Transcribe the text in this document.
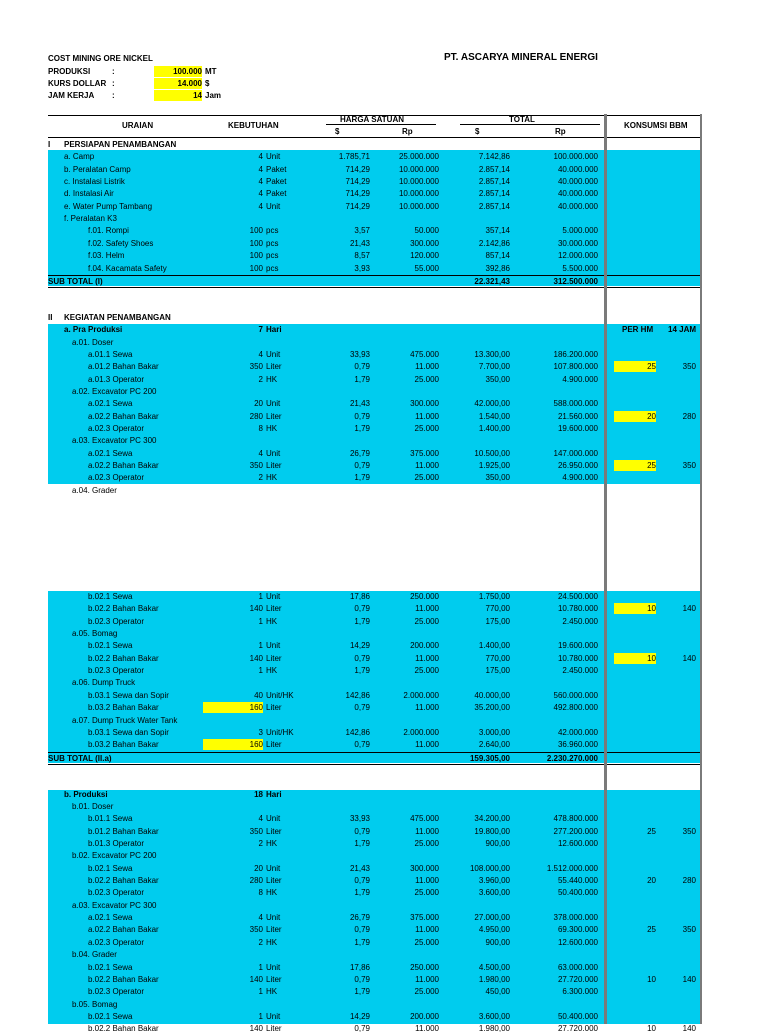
COST MINING ORE NICKEL	PT. ASCARYA MINERAL ENERGI
PRODUKSI	:	100.000 MT
KURS DOLLAR :	14.000 $
JAM KERJA :	14 Jam
URAIAN	KEBUTUHAN
HARGA SATUAN
$	Rp
TOTAL
$	Rp
KONSUMSI BBM
I PERSIAPAN PENAMBANGAN
a. Camp	4 Unit	1.785,71	25.000.000	7.142,86	100.000.000
b. Peralatan Camp	4 Paket	714,29	10.000.000	2.857,14	40.000.000
c. Instalasi Listrik	4 Paket	714,29	10.000.000	2.857,14	40.000.000
d. Instalasi Air	4 Paket	714,29	10.000.000	2.857,14	40.000.000
e. Water Pump Tambang	4 Unit	714,29	10.000.000	2.857,14	40.000.000
f. Peralatan K3
f.01. Rompi	100 pcs	3,57	50.000	357,14	5.000.000
f.02. Safety Shoes	100 pcs	21,43	300.000	2.142,86	30.000.000
f.03. Helm	100 pcs	8,57	120.000	857,14	12.000.000
f.04. Kacamata Safety	100 pcs	3,93	55.000	392,86	5.500.000
SUB TOTAL (I)	22.321,43	312.500.000
II KEGIATAN PENAMBANGAN
a. Pra Produksi	7 Hari	PER HM 14 JAM
a.01. Doser
a.01.1 Sewa	4 Unit	33,93	475.000	13.300,00	186.200.000
a.01.2 Bahan Bakar	350 Liter	0,79	11.000	7.700,00	107.800.000	25	350
a.01.3 Operator	2 HK	1,79	25.000	350,00	4.900.000
a.02. Excavator PC 200
a.02.1 Sewa	20 Unit	21,43	300.000	42.000,00	588.000.000
a.02.2 Bahan Bakar	280 Liter	0,79	11.000	1.540,00	21.560.000	20	280
a.02.3 Operator	8 HK	1,79	25.000	1.400,00	19.600.000
a.03. Excavator PC 300
a.02.1 Sewa	4 Unit	26,79	375.000	10.500,00	147.000.000
a.02.2 Bahan Bakar	350 Liter	0,79	11.000	1.925,00	26.950.000	25	350
a.02.3 Operator	2 HK	1,79	25.000	350,00	4.900.000
a.04. Grader
b.02.1 Sewa	1 Unit	17,86	250.000	1.750,00	24.500.000
b.02.2 Bahan Bakar	140 Liter	0,79	11.000	770,00	10.780.000	10	140
b.02.3 Operator	1 HK	1,79	25.000	175,00	2.450.000
a.05. Bomag
b.02.1 Sewa	1 Unit	14,29	200.000	1.400,00	19.600.000
b.02.2 Bahan Bakar	140 Liter	0,79	11.000	770,00	10.780.000	10	140
b.02.3 Operator	1 HK	1,79	25.000	175,00	2.450.000
a.06. Dump Truck
b.03.1 Sewa dan Sopir	40 Unit/HK	142,86	2.000.000	40.000,00	560.000.000
b.03.2 Bahan Bakar	160 Liter	0,79	11.000	35.200,00	492.800.000
a.07. Dump Truck Water Tank
b.03.1 Sewa dan Sopir	3 Unit/HK	142,86	2.000.000	3.000,00	42.000.000
b.03.2 Bahan Bakar	160 Liter	0,79	11.000	2.640,00	36.960.000
SUB TOTAL (II.a)	159.305,00	2.230.270.000
b. Produksi	18 Hari
b.01. Doser
b.01.1 Sewa	4 Unit	33,93	475.000	34.200,00	478.800.000
b.01.2 Bahan Bakar	350 Liter	0,79	11.000	19.800,00	277.200.000	25	350
b.01.3 Operator	2 HK	1,79	25.000	900,00	12.600.000
b.02. Excavator PC 200
b.02.1 Sewa	20 Unit	21,43	300.000	108.000,00	1.512.000.000
b.02.2 Bahan Bakar	280 Liter	0,79	11.000	3.960,00	55.440.000	20	280
b.02.3 Operator	8 HK	1,79	25.000	3.600,00	50.400.000
a.03. Excavator PC 300
a.02.1 Sewa	4 Unit	26,79	375.000	27.000,00	378.000.000
a.02.2 Bahan Bakar	350 Liter	0,79	11.000	4.950,00	69.300.000	25	350
a.02.3 Operator	2 HK	1,79	25.000	900,00	12.600.000
b.04. Grader
b.02.1 Sewa	1 Unit	17,86	250.000	4.500,00	63.000.000
b.02.2 Bahan Bakar	140 Liter	0,79	11.000	1.980,00	27.720.000	10	140
b.02.3 Operator	1 HK	1,79	25.000	450,00	6.300.000
b.05. Bomag
b.02.1 Sewa	1 Unit	14,29	200.000	3.600,00	50.400.000
b.02.2 Bahan Bakar	140 Liter	0,79	11.000	1.980,00	27.720.000	10	140
